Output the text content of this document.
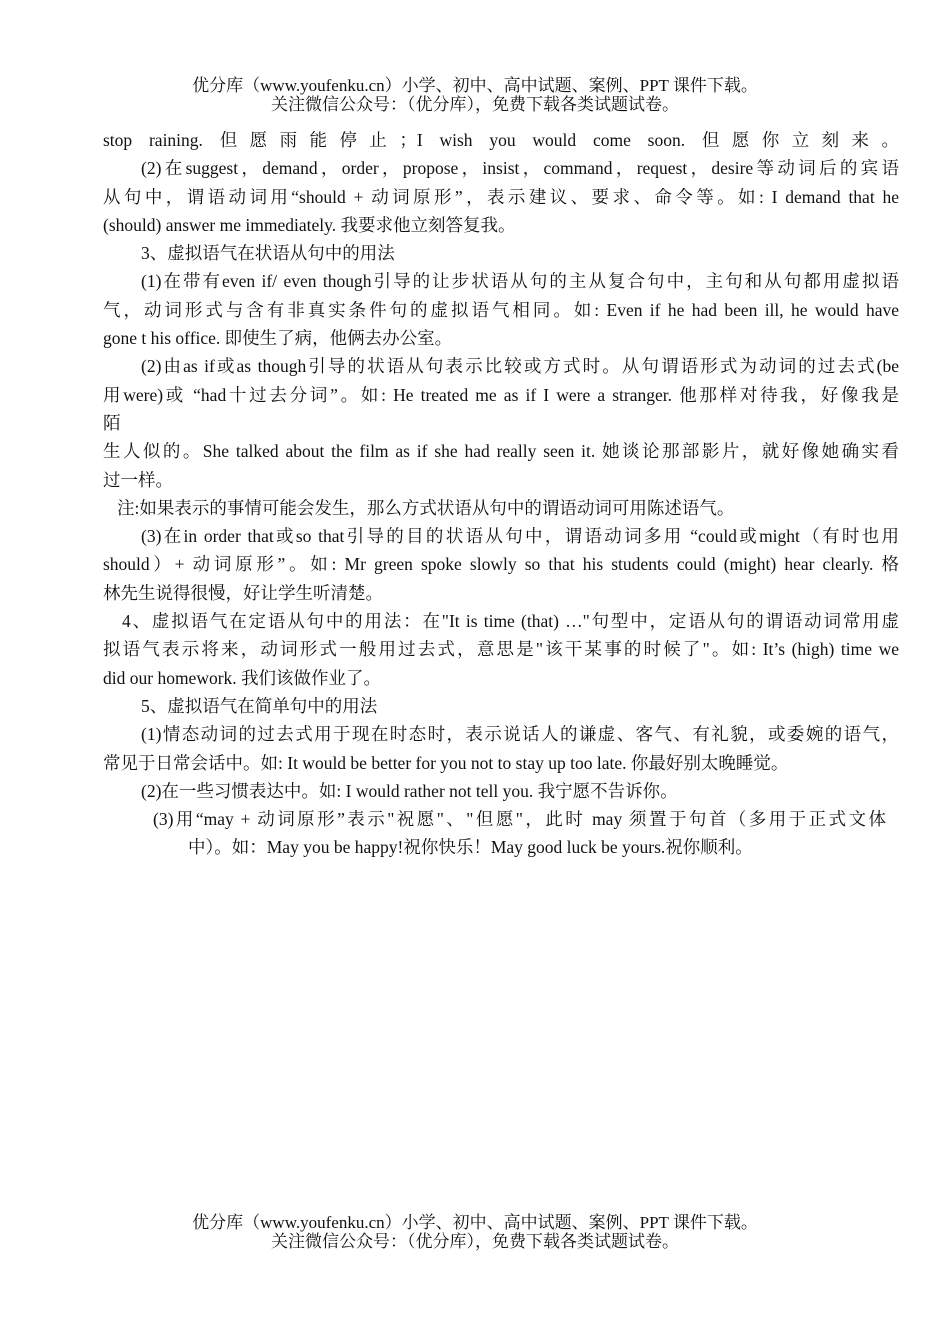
优分库（www.youfenku.cn）小学、初中、高中试题、案例、PPT 课件下载。
关注微信公众号：（优分库），免费下载各类试题试卷。
stop raining. 但愿雨能停止；I wish you would come soon. 但愿你立刻来。
(2)在suggest，demand，order，propose，insist，command，request，desire等动词后的宾语
从句中，谓语动词用“should + 动词原形”，表示建议、要求、命令等。如: I demand that he
(should) answer me immediately. 我要求他立刻答复我。
3、虚拟语气在状语从句中的用法
(1)在带有even if/ even though引导的让步状语从句的主从复合句中，主句和从句都用虚拟语
气，动词形式与含有非真实条件句的虚拟语气相同。如: Even if he had been ill, he would have
gone t his office. 即使生了病，他俩去办公室。
(2)由as if或as though引导的状语从句表示比较或方式时。从句谓语形式为动词的过去式(be
用were)或 “had十过去分词”。如: He treated me as if I were a stranger. 他那样对待我，好像我是
陌
生人似的。She talked about the film as if she had really seen it. 她谈论那部影片，就好像她确实看
过一样。
注:如果表示的事情可能会发生，那么方式状语从句中的谓语动词可用陈述语气。
(3)在in order that或so that引导的目的状语从句中，谓语动词多用 “could或might（有时也用
should）+ 动词原形”。如: Mr green spoke slowly so that his students could (might) hear clearly. 格
林先生说得很慢，好让学生听清楚。
4、虚拟语气在定语从句中的用法：在"It is time (that) …"句型中，定语从句的谓语动词常用虚
拟语气表示将来，动词形式一般用过去式，意思是"该干某事的时候了"。如: It’s (high) time we
did our homework. 我们该做作业了。
5、虚拟语气在简单句中的用法
(1)情态动词的过去式用于现在时态时，表示说话人的谦虚、客气、有礼貌，或委婉的语气，
常见于日常会话中。如: It would be better for you not to stay up too late. 你最好别太晚睡觉。
(2)在一些习惯表达中。如: I would rather not tell you. 我宁愿不告诉你。
(3)用“may + 动词原形”表示"祝愿"、"但愿"，此时 may 须置于句首（多用于正式文体
中）。如：May you be happy!祝你快乐！May good luck be yours.祝你顺利。
优分库（www.youfenku.cn）小学、初中、高中试题、案例、PPT 课件下载。
关注微信公众号：（优分库），免费下载各类试题试卷。
